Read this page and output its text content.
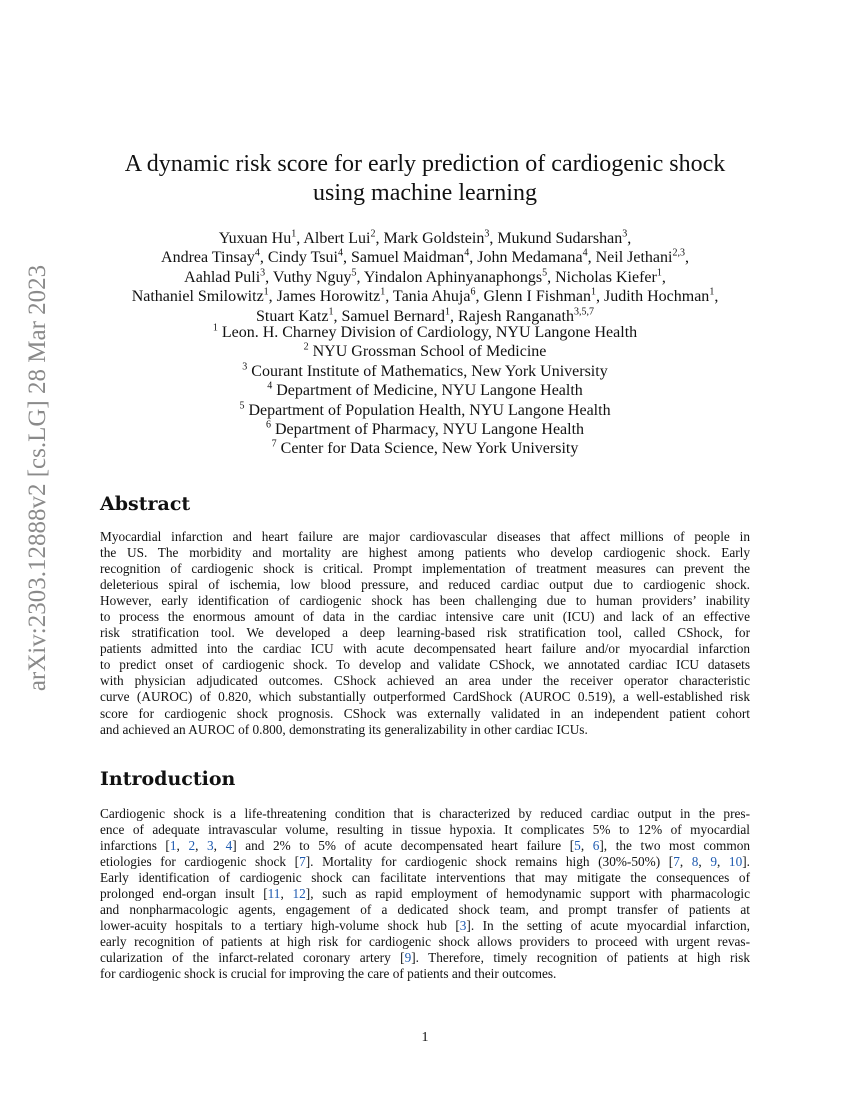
arXiv:2303.12888v2 [cs.LG] 28 Mar 2023
A dynamic risk score for early prediction of cardiogenic shock
using machine learning
Yuxuan Hu$^1$, Albert Lui$^2$, Mark Goldstein$^3$, Mukund Sudarshan$^3$,
Andrea Tinsay$^4$, Cindy Tsui$^4$, Samuel Maidman$^4$, John Medamana$^4$, Neil Jethani$^{2,3}$,
Aahlad Puli$^3$, Vuthy Nguy$^5$, Yindalon Aphinyanaphongs$^5$, Nicholas Kiefer$^1$,
Nathaniel Smilowitz$^1$, James Horowitz$^1$, Tania Ahuja$^6$, Glenn I Fishman$^1$, Judith Hochman$^1$,
Stuart Katz$^1$, Samuel Bernard$^1$, Rajesh Ranganath$^{3,5,7}$
$^1$ Leon. H. Charney Division of Cardiology, NYU Langone Health
$^2$ NYU Grossman School of Medicine
$^3$ Courant Institute of Mathematics, New York University
$^4$ Department of Medicine, NYU Langone Health
$^5$ Department of Population Health, NYU Langone Health
$^6$ Department of Pharmacy, NYU Langone Health
$^7$ Center for Data Science, New York University
Abstract
Myocardial infarction and heart failure are major cardiovascular diseases that affect millions of people in
the US. The morbidity and mortality are highest among patients who develop cardiogenic shock. Early
recognition of cardiogenic shock is critical. Prompt implementation of treatment measures can prevent the
deleterious spiral of ischemia, low blood pressure, and reduced cardiac output due to cardiogenic shock.
However, early identification of cardiogenic shock has been challenging due to human providers’ inability
to process the enormous amount of data in the cardiac intensive care unit (ICU) and lack of an effective
risk stratification tool. We developed a deep learning-based risk stratification tool, called CShock, for
patients admitted into the cardiac ICU with acute decompensated heart failure and/or myocardial infarction
to predict onset of cardiogenic shock. To develop and validate CShock, we annotated cardiac ICU datasets
with physician adjudicated outcomes. CShock achieved an area under the receiver operator characteristic
curve (AUROC) of 0.820, which substantially outperformed CardShock (AUROC 0.519), a well-established risk
score for cardiogenic shock prognosis. CShock was externally validated in an independent patient cohort
and achieved an AUROC of 0.800, demonstrating its generalizability in other cardiac ICUs.
Introduction
Cardiogenic shock is a life-threatening condition that is characterized by reduced cardiac output in the pres-
ence of adequate intravascular volume, resulting in tissue hypoxia. It complicates 5% to 12% of myocardial
infarctions [1, 2, 3, 4] and 2% to 5% of acute decompensated heart failure [5, 6], the two most common
etiologies for cardiogenic shock [7]. Mortality for cardiogenic shock remains high (30%-50%) [7, 8, 9, 10].
Early identification of cardiogenic shock can facilitate interventions that may mitigate the consequences of
prolonged end-organ insult [11, 12], such as rapid employment of hemodynamic support with pharmacologic
and nonpharmacologic agents, engagement of a dedicated shock team, and prompt transfer of patients at
lower-acuity hospitals to a tertiary high-volume shock hub [3]. In the setting of acute myocardial infarction,
early recognition of patients at high risk for cardiogenic shock allows providers to proceed with urgent revas-
cularization of the infarct-related coronary artery [9]. Therefore, timely recognition of patients at high risk
for cardiogenic shock is crucial for improving the care of patients and their outcomes.
1
